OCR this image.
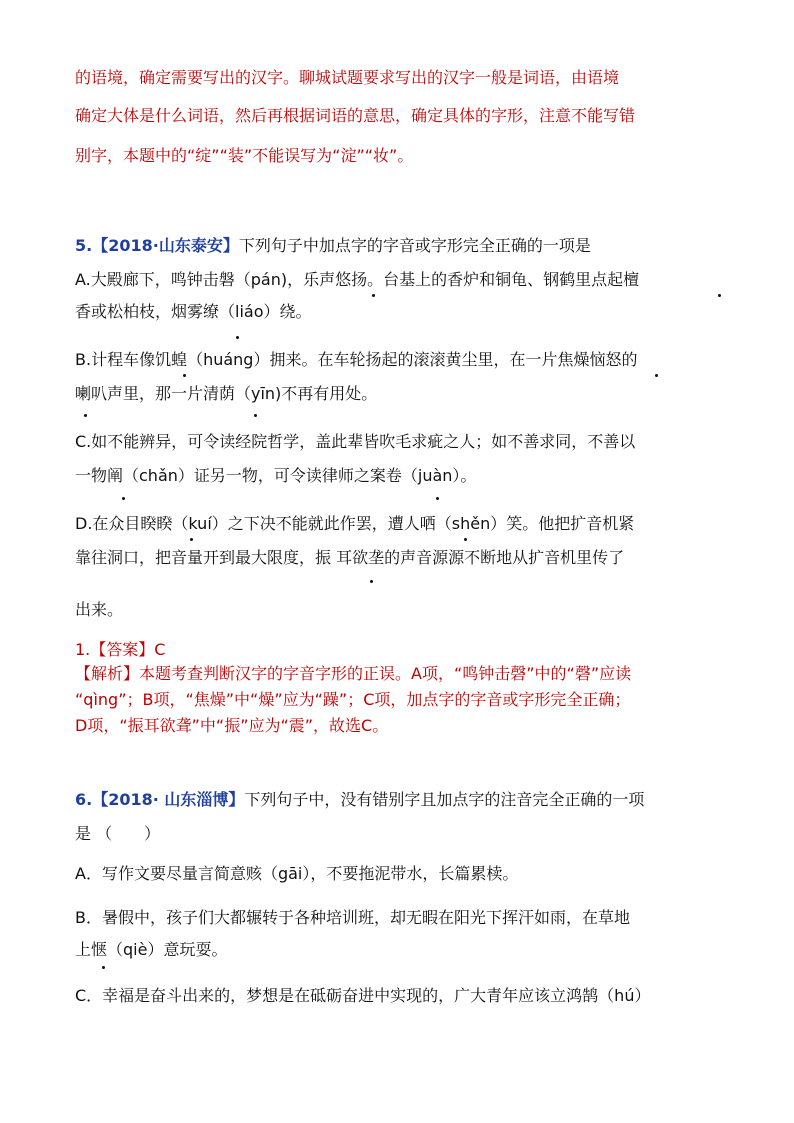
的语境，确定需要写出的汉字。聊城试题要求写出的汉字一般是词语，由语境
确定大体是什么词语，然后再根据词语的意思，确定具体的字形，注意不能写错
别字，本题中的“绽”“装”不能误写为“淀”“妆”。
5.【2018·山东泰安】下列句子中加点字的字音或字形完全正确的一项是
A.大殿廊下，鸣钟击磐（pán)，乐声悠扬。台基上的香炉和铜龟、钢鹤里点起檀
香或松柏枝，烟雾缭（liáo）绕。
B.计程车像饥蝗（huáng）拥来。在车轮扬起的滚滚黄尘里，在一片焦燥恼怒的
喇叭声里，那一片清荫（yīn)不再有用处。
C.如不能辨异，可令读经院哲学，盖此辈皆吹毛求疵之人；如不善求同，不善以
一物阐（chǎn）证另一物，可令读律师之案卷（juàn）。
D.在众目睽睽（kuí）之下决不能就此作罢，遭人哂（shěn）笑。他把扩音机紧
靠往洞口，把音量开到最大限度，振 耳欲垄的声音源源不断地从扩音机里传了
出来。
1.【答案】C
【解析】本题考查判断汉字的字音字形的正误。A项，“鸣钟击磬”中的“磬”应读
“qìng”；B项，“焦燥”中“燥”应为“躁”；C项，加点字的字音或字形完全正确；
D项，“振耳欲聋”中“振”应为“震”，故选C。
6.【2018· 山东淄博】下列句子中，没有错别字且加点字的注音完全正确的一项
是 （　　）
A．写作文要尽量言简意赅（gāi），不要拖泥带水，长篇累椟。
B．暑假中，孩子们大都辗转于各种培训班，却无暇在阳光下挥汗如雨，在草地
上惬（qiè）意玩耍。
C．幸福是奋斗出来的，梦想是在砥砺奋进中实现的，广大青年应该立鸿鹄（hú）
